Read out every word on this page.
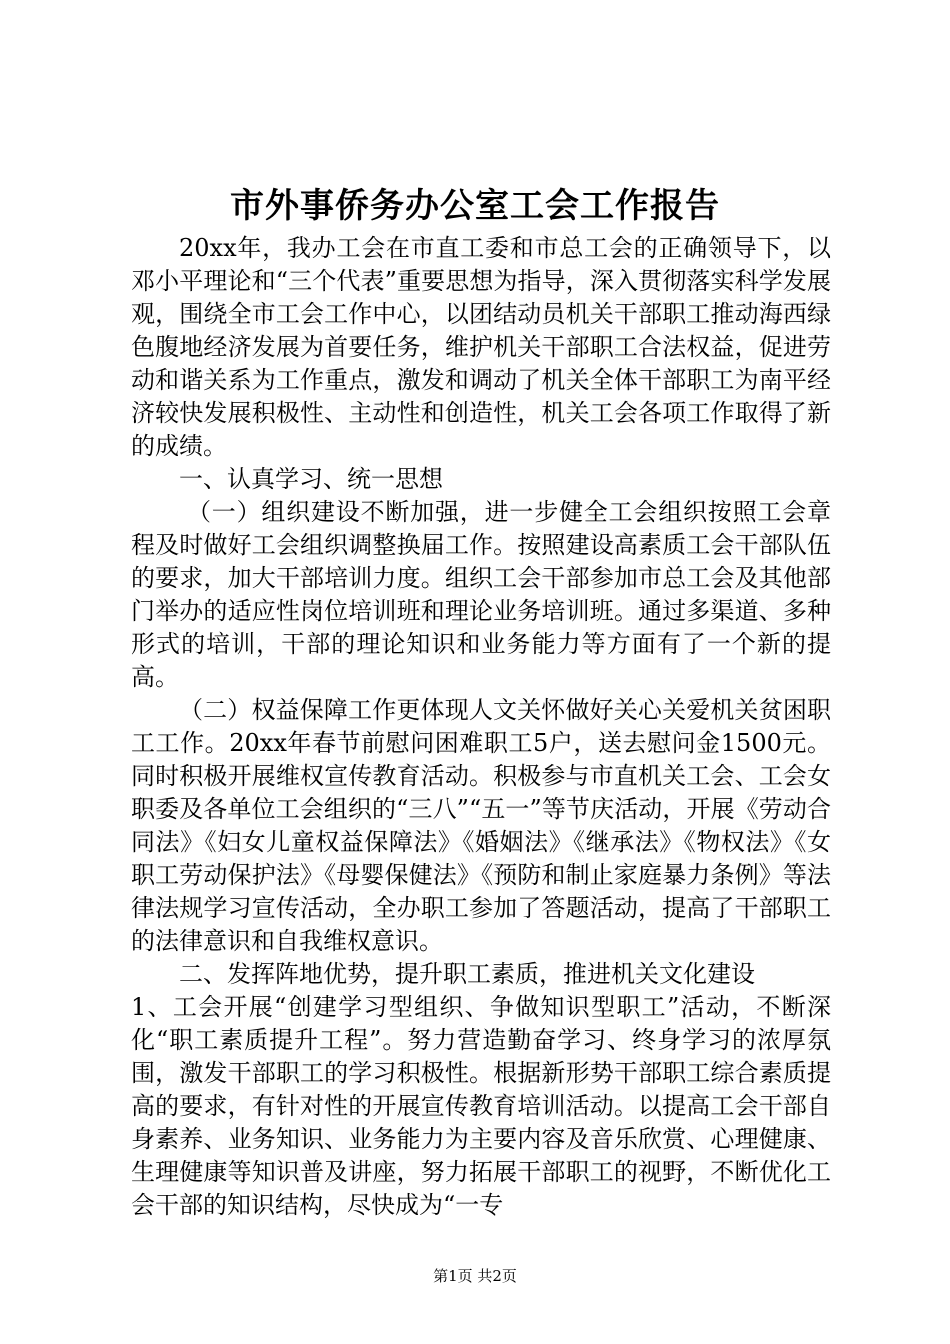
市外事侨务办公室工会工作报告

20xx年，我办工会在市直工委和市总工会的正确领导下，以邓小平理论和“三个代表”重要思想为指导，深入贯彻落实科学发展观，围绕全市工会工作中心，以团结动员机关干部职工推动海西绿色腹地经济发展为首要任务，维护机关干部职工合法权益，促进劳动和谐关系为工作重点，激发和调动了机关全体干部职工为南平经济较快发展积极性、主动性和创造性，机关工会各项工作取得了新的成绩。

一、认真学习、统一思想

（一）组织建设不断加强，进一步健全工会组织按照工会章程及时做好工会组织调整换届工作。按照建设高素质工会干部队伍的要求，加大干部培训力度。组织工会干部参加市总工会及其他部门举办的适应性岗位培训班和理论业务培训班。通过多渠道、多种形式的培训，干部的理论知识和业务能力等方面有了一个新的提高。

（二）权益保障工作更体现人文关怀做好关心关爱机关贫困职工工作。20xx年春节前慰问困难职工5户，送去慰问金1500元。同时积极开展维权宣传教育活动。积极参与市直机关工会、工会女职委及各单位工会组织的“三八”“五一”等节庆活动，开展《劳动合同法》《妇女儿童权益保障法》《婚姻法》《继承法》《物权法》《女职工劳动保护法》《母婴保健法》《预防和制止家庭暴力条例》等法律法规学习宣传活动，全办职工参加了答题活动，提高了干部职工的法律意识和自我维权意识。

二、发挥阵地优势，提升职工素质，推进机关文化建设

1、工会开展“创建学习型组织、争做知识型职工”活动，不断深化“职工素质提升工程”。努力营造勤奋学习、终身学习的浓厚氛围，激发干部职工的学习积极性。根据新形势干部职工综合素质提高的要求，有针对性的开展宣传教育培训活动。以提高工会干部自身素养、业务知识、业务能力为主要内容及音乐欣赏、心理健康、生理健康等知识普及讲座，努力拓展干部职工的视野，不断优化工会干部的知识结构，尽快成为“一专

第1页 共2页
